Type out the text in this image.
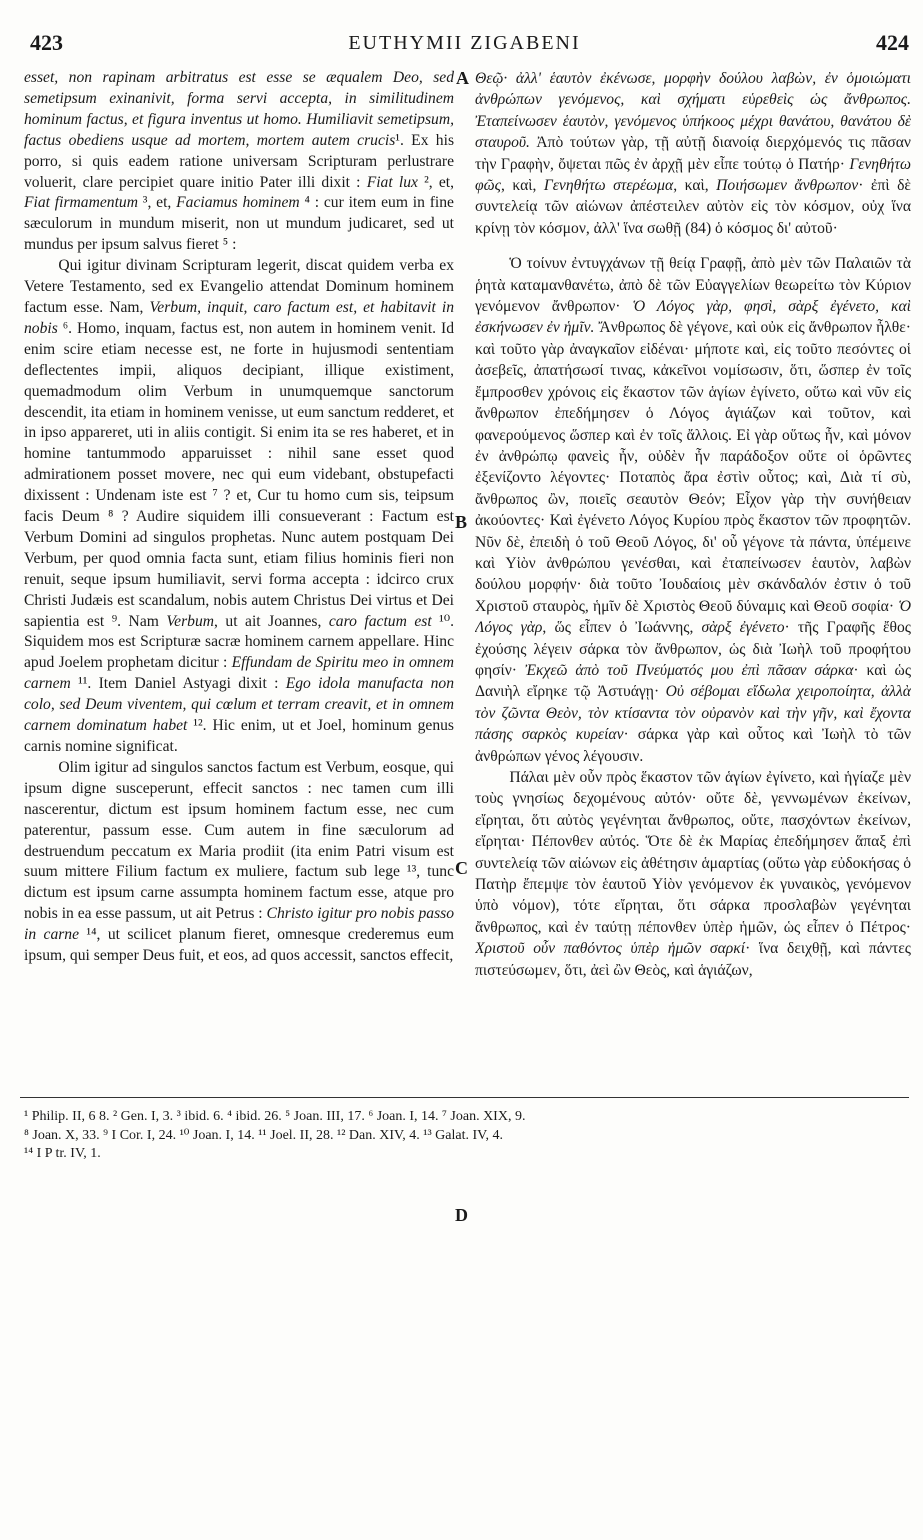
423	EUTHYMII ZIGABENI	424

esset, non rapinam arbitratus est esse se æqualem Deo, sed semetipsum exinanivit, forma servi accepta, in similitudinem hominum factus, et figura inventus ut homo. Humiliavit semetipsum, factus obediens usque ad mortem, mortem autem crucis¹. Ex his porro, si quis eadem ratione universam Scripturam perlustrare voluerit, clare percipiet quare initio Pater illi dixit : Fiat lux ², et, Fiat firmamentum ³, et, Faciamus hominem ⁴ : cur item eum in fine sæculorum in mundum miserit, non ut mundum judicaret, sed ut mundus per ipsum salvus fieret ⁵ :

Qui igitur divinam Scripturam legerit, discat quidem verba ex Vetere Testamento, sed ex Evangelio attendat Dominum hominem factum esse. Nam, Verbum, inquit, caro factum est, et habitavit in nobis ⁶. Homo, inquam, factus est, non autem in hominem venit. Id enim scire etiam necesse est, ne forte in hujusmodi sententiam deflectentes impii, aliquos decipiant, illique existiment, quemadmodum olim Verbum in unumquemque sanctorum descendit, ita etiam in hominem venisse, ut eum sanctum redderet, et in ipso appareret, uti in aliis contigit. Si enim ita se res haberet, et in homine tantummodo apparuisset : nihil sane esset quod admirationem posset movere, nec qui eum videbant, obstupefacti dixissent : Undenam iste est ⁷ ? et, Cur tu homo cum sis, teipsum facis Deum ⁸ ? Audire siquidem illi consueverant : Factum est Verbum Domini ad singulos prophetas. Nunc autem postquam Dei Verbum, per quod omnia facta sunt, etiam filius hominis fieri non renuit, seque ipsum humiliavit, servi forma accepta : idcirco crux Christi Judæis est scandalum, nobis autem Christus Dei virtus et Dei sapientia est ⁹. Nam Verbum, ut ait Joannes, caro factum est ¹⁰. Siquidem mos est Scripturæ sacræ hominem carnem appellare. Hinc apud Joelem prophetam dicitur : Effundam de Spiritu meo in omnem carnem ¹¹. Item Daniel Astyagi dixit : Ego idola manufacta non colo, sed Deum viventem, qui cœlum et terram creavit, et in omnem carnem dominatum habet ¹². Hic enim, ut et Joel, hominum genus carnis nomine significat.

Olim igitur ad singulos sanctos factum est Verbum, eosque, qui ipsum digne susceperunt, effecit sanctos : nec tamen cum illi nascerentur, dictum est ipsum hominem factum esse, nec cum paterentur, passum esse. Cum autem in fine sæculorum ad destruendum peccatum ex Maria prodiit (ita enim Patri visum est suum mittere Filium factum ex muliere, factum sub lege ¹³, tunc dictum est ipsum carne assumpta hominem factum esse, atque pro nobis in ea esse passum, ut ait Petrus : Christo igitur pro nobis passo in carne ¹⁴, ut scilicet planum fieret, omnesque crederemus eum ipsum, qui semper Deus fuit, et eos, ad quos accessit, sanctos effecit,

Θεῷ· ἀλλ' ἑαυτὸν ἐκένωσε, μορφὴν δούλου λαβὼν, ἐν ὁμοιώματι ἀνθρώπων γενόμενος, καὶ σχήματι εὑρεθεὶς ὡς ἄνθρωπος. Ἐταπείνωσεν ἑαυτὸν, γενόμενος ὑπήκοος μέχρι θανάτου, θανάτου δὲ σταυροῦ. Ἀπὸ τούτων γὰρ, τῇ αὐτῇ διανοίᾳ διερχόμενός τις πᾶσαν τὴν Γραφὴν, ὄψεται πῶς ἐν ἀρχῇ μὲν εἶπε τούτῳ ὁ Πατήρ· Γενηθήτω φῶς, καὶ, Γενηθήτω στερέωμα, καὶ, Ποιήσωμεν ἄνθρωπον· ἐπὶ δὲ συντελείᾳ τῶν αἰώνων ἀπέστειλεν αὐτὸν εἰς τὸν κόσμον, οὐχ ἵνα κρίνῃ τὸν κόσμον, ἀλλ' ἵνα σωθῇ (84) ὁ κόσμος δι' αὐτοῦ·

Ὁ τοίνυν ἐντυγχάνων τῇ θείᾳ Γραφῇ, ἀπὸ μὲν τῶν Παλαιῶν τὰ ῥητὰ καταμανθανέτω, ἀπὸ δὲ τῶν Εὐαγγελίων θεωρείτω τὸν Κύριον γενόμενον ἄνθρωπον· Ὁ Λόγος γὰρ, φησὶ, σὰρξ ἐγένετο, καὶ ἐσκήνωσεν ἐν ἡμῖν. Ἄνθρωπος δὲ γέγονε, καὶ οὐκ εἰς ἄνθρωπον ἦλθε· καὶ τοῦτο γὰρ ἀναγκαῖον εἰδέναι· μήποτε καὶ, εἰς τοῦτο πεσόντες οἱ ἀσεβεῖς, ἀπατήσωσί τινας, κἀκεῖνοι νομίσωσιν, ὅτι, ὥσπερ ἐν τοῖς ἔμπροσθεν χρόνοις εἰς ἕκαστον τῶν ἁγίων ἐγίνετο, οὕτω καὶ νῦν εἰς ἄνθρωπον ἐπεδήμησεν ὁ Λόγος ἁγιάζων καὶ τοῦτον, καὶ φανερούμενος ὥσπερ καὶ ἐν τοῖς ἄλλοις. Εἰ γὰρ οὕτως ἦν, καὶ μόνον ἐν ἀνθρώπῳ φανεὶς ἦν, οὐδὲν ἦν παράδοξον οὔτε οἱ ὁρῶντες ἐξενίζοντο λέγοντες· Ποταπὸς ἄρα ἐστὶν οὗτος; καὶ, Διὰ τί σὺ, ἄνθρωπος ὢν, ποιεῖς σεαυτὸν Θεόν; Εἶχον γὰρ τὴν συνήθειαν ἀκούοντες· Καὶ ἐγένετο Λόγος Κυρίου πρὸς ἕκαστον τῶν προφητῶν. Νῦν δὲ, ἐπειδὴ ὁ τοῦ Θεοῦ Λόγος, δι' οὗ γέγονε τὰ πάντα, ὑπέμεινε καὶ Υἱὸν ἀνθρώπου γενέσθαι, καὶ ἐταπείνωσεν ἑαυτὸν, λαβὼν δούλου μορφήν· διὰ τοῦτο Ἰουδαίοις μὲν σκάνδαλόν ἐστιν ὁ τοῦ Χριστοῦ σταυρὸς, ἡμῖν δὲ Χριστὸς Θεοῦ δύναμις καὶ Θεοῦ σοφία· Ὁ Λόγος γὰρ, ὥς εἶπεν ὁ Ἰωάννης, σὰρξ ἐγένετο· τῆς Γραφῆς ἔθος ἐχούσης λέγειν σάρκα τὸν ἄνθρωπον, ὡς διὰ Ἰωὴλ τοῦ προφήτου φησίν· Ἐκχεῶ ἀπὸ τοῦ Πνεύματός μου ἐπὶ πᾶσαν σάρκα· καὶ ὡς Δανιὴλ εἴρηκε τῷ Ἀστυάγῃ· Οὐ σέβομαι εἴδωλα χειροποίητα, ἀλλὰ τὸν ζῶντα Θεὸν, τὸν κτίσαντα τὸν οὐρανὸν καὶ τὴν γῆν, καὶ ἔχοντα πάσης σαρκὸς κυρείαν· σάρκα γὰρ καὶ οὗτος καὶ Ἰωὴλ τὸ τῶν ἀνθρώπων γένος λέγουσιν.

Πάλαι μὲν οὖν πρὸς ἕκαστον τῶν ἁγίων ἐγίνετο, καὶ ἡγίαζε μὲν τοὺς γνησίως δεχομένους αὐτόν· οὔτε δὲ, γεννωμένων ἐκείνων, εἴρηται, ὅτι αὐτὸς γεγένηται ἄνθρωπος, οὔτε, πασχόντων ἐκείνων, εἴρηται· Πέπονθεν αὐτός. Ὅτε δὲ ἐκ Μαρίας ἐπεδήμησεν ἅπαξ ἐπὶ συντελείᾳ τῶν αἰώνων εἰς ἀθέτησιν ἁμαρτίας (οὕτω γὰρ εὐδοκήσας ὁ Πατὴρ ἔπεμψε τὸν ἑαυτοῦ Υἱὸν γενόμενον ἐκ γυναικὸς, γενόμενον ὑπὸ νόμον), τότε εἴρηται, ὅτι σάρκα προσλαβὼν γεγένηται ἄνθρωπος, καὶ ἐν ταύτῃ πέπονθεν ὑπὲρ ἡμῶν, ὡς εἶπεν ὁ Πέτρος· Χριστοῦ οὖν παθόντος ὑπὲρ ἡμῶν σαρκί· ἵνα δειχθῇ, καὶ πάντες πιστεύσωμεν, ὅτι, ἀεὶ ὢν Θεὸς, καὶ ἁγιάζων,

A
B
C
D

¹ Philip. II, 6 8. ² Gen. I, 3. ³ ibid. 6. ⁴ ibid. 26. ⁵ Joan. III, 17. ⁶ Joan. I, 14. ⁷ Joan. XIX, 9.

⁸ Joan. X, 33. ⁹ I Cor. I, 24. ¹⁰ Joan. I, 14. ¹¹ Joel. II, 28. ¹² Dan. XIV, 4. ¹³ Galat. IV, 4.

¹⁴ I P tr. IV, 1.
